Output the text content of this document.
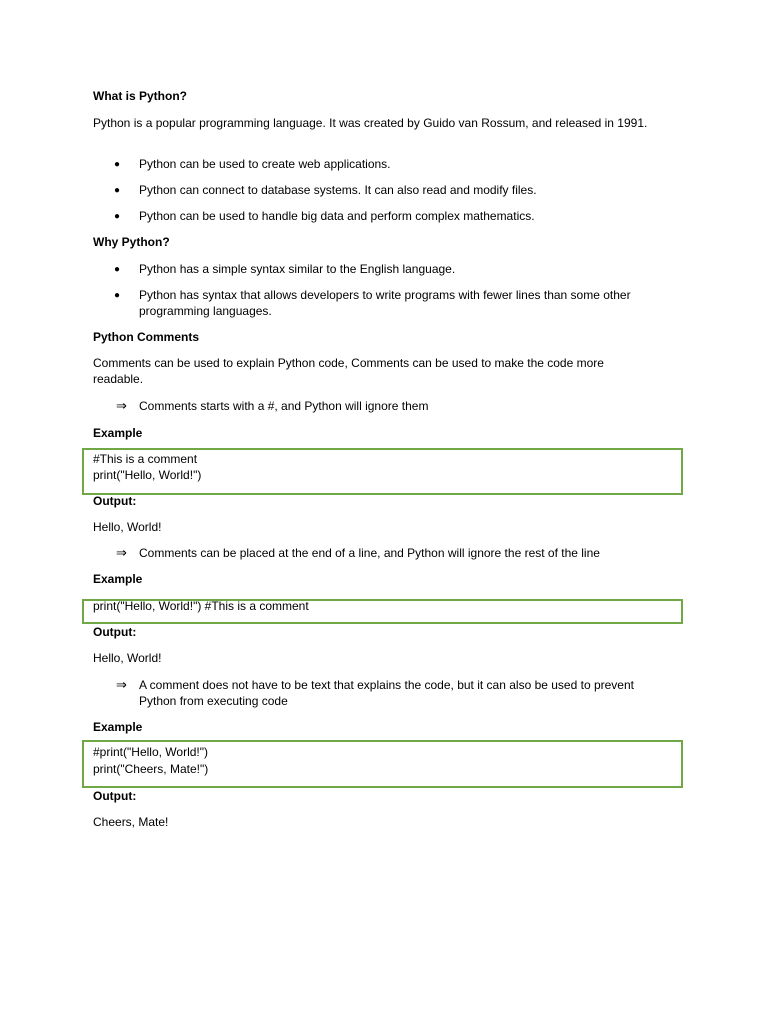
What is Python?
Python is a popular programming language. It was created by Guido van Rossum, and released in 1991.
● Python can be used to create web applications.
● Python can connect to database systems. It can also read and modify files.
● Python can be used to handle big data and perform complex mathematics.
Why Python?
● Python has a simple syntax similar to the English language.
● Python has syntax that allows developers to write programs with fewer lines than some other programming languages.
Python Comments
Comments can be used to explain Python code, Comments can be used to make the code more readable.
⇒ Comments starts with a #, and Python will ignore them
Example
#This is a comment
print("Hello, World!")
Output:
Hello, World!
⇒ Comments can be placed at the end of a line, and Python will ignore the rest of the line
Example
print("Hello, World!") #This is a comment
Output:
Hello, World!
⇒ A comment does not have to be text that explains the code, but it can also be used to prevent Python from executing code
Example
#print("Hello, World!")
print("Cheers, Mate!")
Output:
Cheers, Mate!
